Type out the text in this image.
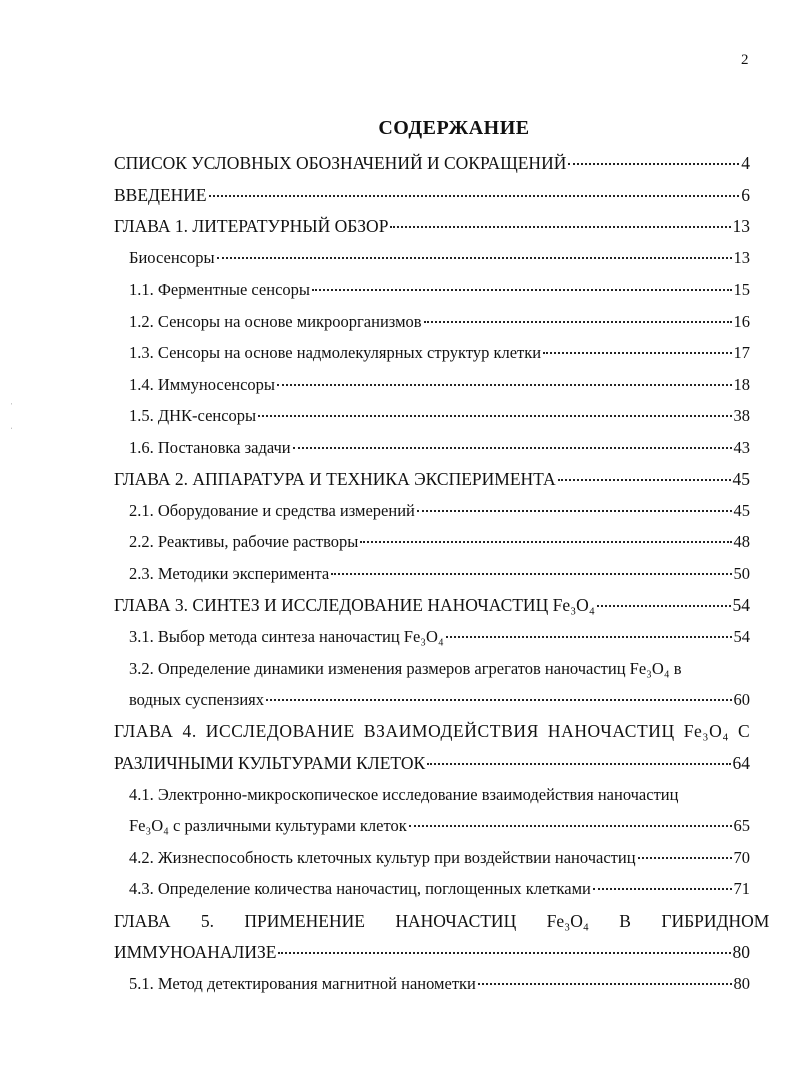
2
СОДЕРЖАНИЕ
ˈ
ˌ
СПИСОК УСЛОВНЫХ ОБОЗНАЧЕНИЙ И СОКРАЩЕНИЙ	4
ВВЕДЕНИЕ	6
ГЛАВА 1. ЛИТЕРАТУРНЫЙ ОБЗОР	13
Биосенсоры	13
1.1. Ферментные сенсоры	15
1.2. Сенсоры на основе микроорганизмов	16
1.3. Сенсоры на основе надмолекулярных структур клетки	17
1.4. Иммуносенсоры	18
1.5. ДНК-сенсоры	38
1.6. Постановка задачи	43
ГЛАВА 2. АППАРАТУРА И ТЕХНИКА ЭКСПЕРИМЕНТА	45
2.1. Оборудование и средства измерений	45
2.2. Реактивы, рабочие растворы	48
2.3. Методики эксперимента	50
ГЛАВА 3. СИНТЕЗ И ИССЛЕДОВАНИЕ НАНОЧАСТИЦ Fe₃O₄	54
3.1. Выбор метода синтеза наночастиц Fe₃O₄	54
3.2. Определение динамики изменения размеров агрегатов наночастиц Fe₃O₄ в
водных суспензиях	60
ГЛАВА 4. ИССЛЕДОВАНИЕ ВЗАИМОДЕЙСТВИЯ НАНОЧАСТИЦ Fe₃O₄ С
РАЗЛИЧНЫМИ КУЛЬТУРАМИ КЛЕТОК	64
4.1. Электронно-микроскопическое исследование взаимодействия наночастиц
Fe₃O₄ с различными культурами клеток	65
4.2. Жизнеспособность клеточных культур при воздействии наночастиц	70
4.3. Определение количества наночастиц, поглощенных клетками	71
ГЛАВА 5. ПРИМЕНЕНИЕ НАНОЧАСТИЦ Fe₃O₄ В ГИБРИДНОМ
ИММУНОАНАЛИЗЕ	80
5.1. Метод детектирования магнитной нанометки	80
